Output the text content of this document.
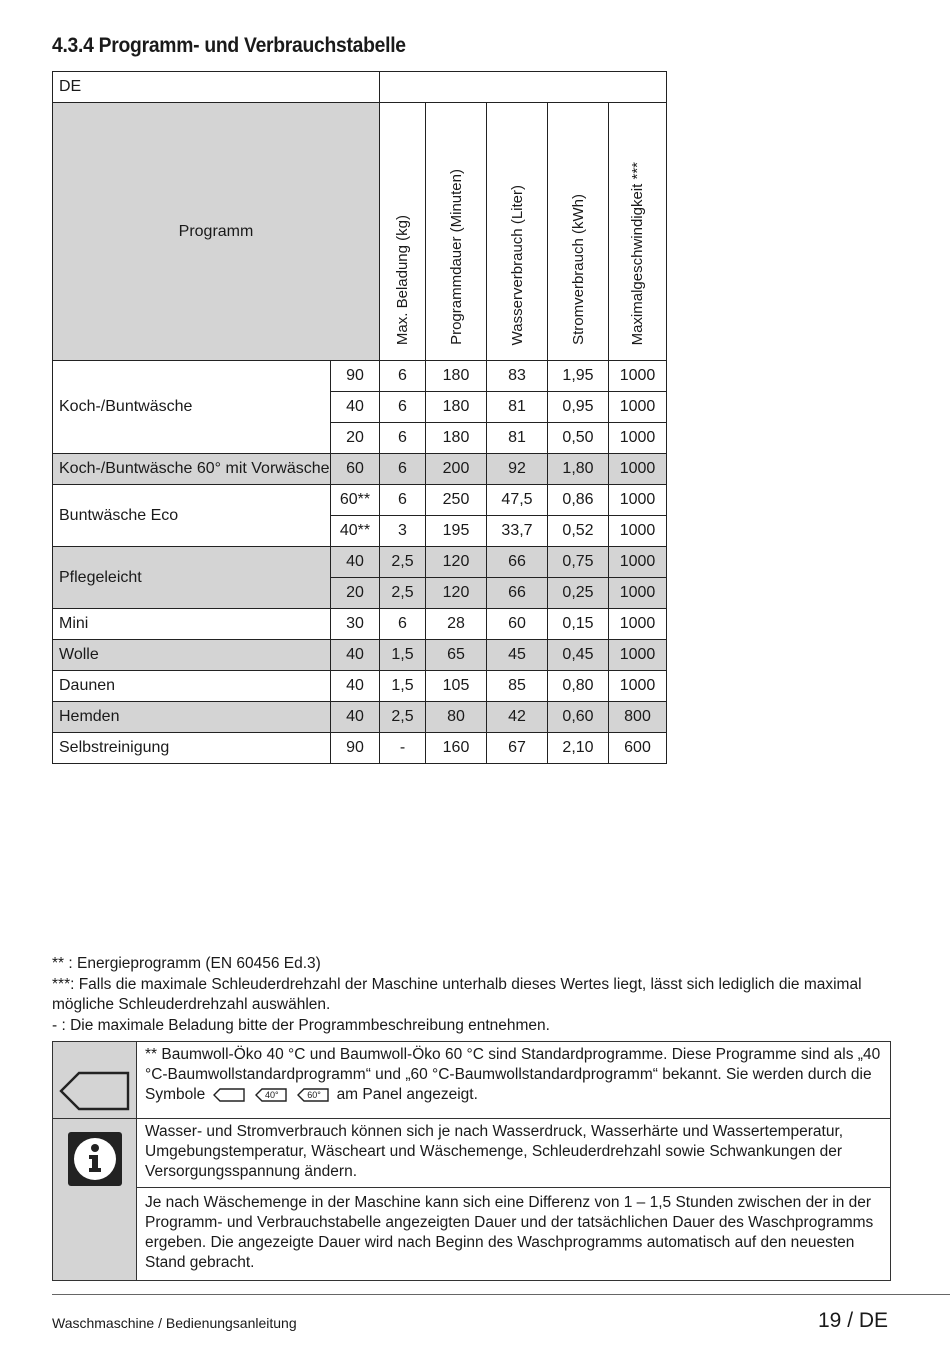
4.3.4 Programm- und Verbrauchstabelle
DE						
Programm		Max. Beladung (kg)	Programmdauer (Minuten)	Wasserverbrauch (Liter)	Stromverbrauch (kWh)	Maximalgeschwindigkeit ***
Koch-/Buntwäsche	90	6	180	83	1,95	1000
	40	6	180	81	0,95	1000
	20	6	180	81	0,50	1000
Koch-/Buntwäsche 60° mit Vorwäsche	60	6	200	92	1,80	1000
Buntwäsche Eco	60**	6	250	47,5	0,86	1000
	40**	3	195	33,7	0,52	1000
Pflegeleicht	40	2,5	120	66	0,75	1000
	20	2,5	120	66	0,25	1000
Mini	30	6	28	60	0,15	1000
Wolle	40	1,5	65	45	0,45	1000
Daunen	40	1,5	105	85	0,80	1000
Hemden	40	2,5	80	42	0,60	800
Selbstreinigung	90	-	160	67	2,10	600
** : Energieprogramm (EN 60456 Ed.3)
***: Falls die maximale Schleuderdrehzahl der Maschine unterhalb dieses Wertes liegt, lässt sich lediglich die maximal mögliche Schleuderdrehzahl auswählen.
- : Die maximale Beladung bitte der Programmbeschreibung entnehmen.
	** Baumwoll-Öko 40 °C und Baumwoll-Öko 60 °C sind Standardprogramme. Diese Programme sind als „40 °C-Baumwollstandardprogramm“ und „60 °C-Baumwollstandardprogramm“ bekannt. Sie werden durch die Symbole 40°
60° am Panel angezeigt.
	Wasser- und Stromverbrauch können sich je nach Wasserdruck, Wasserhärte und Wassertemperatur, Umgebungstemperatur, Wäscheart und Wäschemenge, Schleuderdrehzahl sowie Schwankungen der Versorgungsspannung ändern.
	Je nach Wäschemenge in der Maschine kann sich eine Differenz von 1 – 1,5 Stunden zwischen der in der Programm- und Verbrauchstabelle angezeigten Dauer und der tatsächlichen Dauer des Waschprogramms ergeben. Die angezeigte Dauer wird nach Beginn des Waschprogramms automatisch auf den neuesten Stand gebracht.
Waschmaschine / Bedienungsanleitung	19 / DE
